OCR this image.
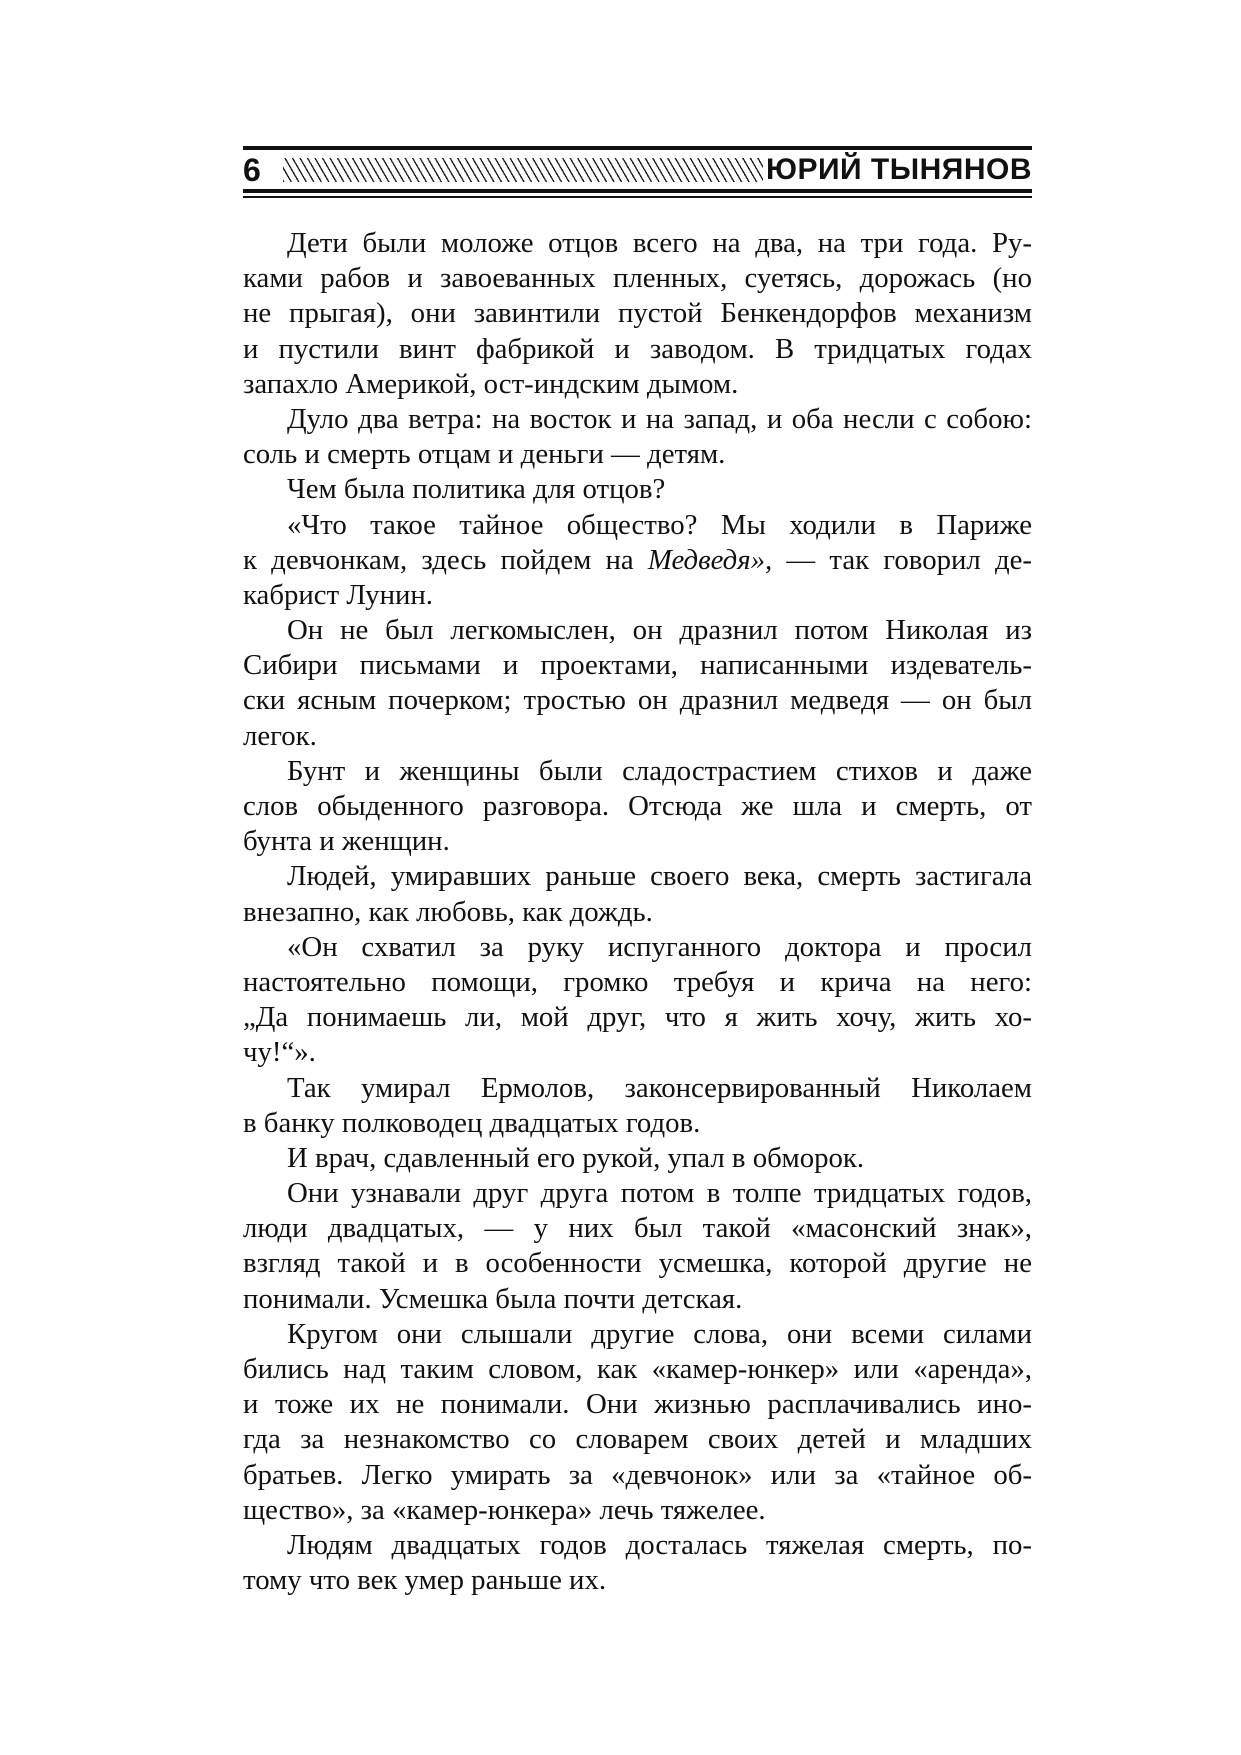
6	ЮРИЙ ТЫНЯНОВ
Дети были моложе отцов всего на два, на три года. Ру-
ками рабов и завоеванных пленных, суетясь, дорожась (но
не прыгая), они завинтили пустой Бенкендорфов механизм
и пустили винт фабрикой и заводом. В тридцатых годах
запахло Америкой, ост-индским дымом.
Дуло два ветра: на восток и на запад, и оба несли с собою:
соль и смерть отцам и деньги — детям.
Чем была политика для отцов?
«Что такое тайное общество? Мы ходили в Париже
к девчонкам, здесь пойдем на Медведя», — так говорил де-
кабрист Лунин.
Он не был легкомыслен, он дразнил потом Николая из
Сибири письмами и проектами, написанными издеватель-
ски ясным почерком; тростью он дразнил медведя — он был
легок.
Бунт и женщины были сладострастием стихов и даже
слов обыденного разговора. Отсюда же шла и смерть, от
бунта и женщин.
Людей, умиравших раньше своего века, смерть застигала
внезапно, как любовь, как дождь.
«Он схватил за руку испуганного доктора и просил
настоятельно помощи, громко требуя и крича на него:
„Да понимаешь ли, мой друг, что я жить хочу, жить хо-
чу!“».
Так умирал Ермолов, законсервированный Николаем
в банку полководец двадцатых годов.
И врач, сдавленный его рукой, упал в обморок.
Они узнавали друг друга потом в толпе тридцатых годов,
люди двадцатых, — у них был такой «масонский знак»,
взгляд такой и в особенности усмешка, которой другие не
понимали. Усмешка была почти детская.
Кругом они слышали другие слова, они всеми силами
бились над таким словом, как «камер-юнкер» или «аренда»,
и тоже их не понимали. Они жизнью расплачивались ино-
гда за незнакомство со словарем своих детей и младших
братьев. Легко умирать за «девчонок» или за «тайное об-
щество», за «камер-юнкера» лечь тяжелее.
Людям двадцатых годов досталась тяжелая смерть, по-
тому что век умер раньше их.
